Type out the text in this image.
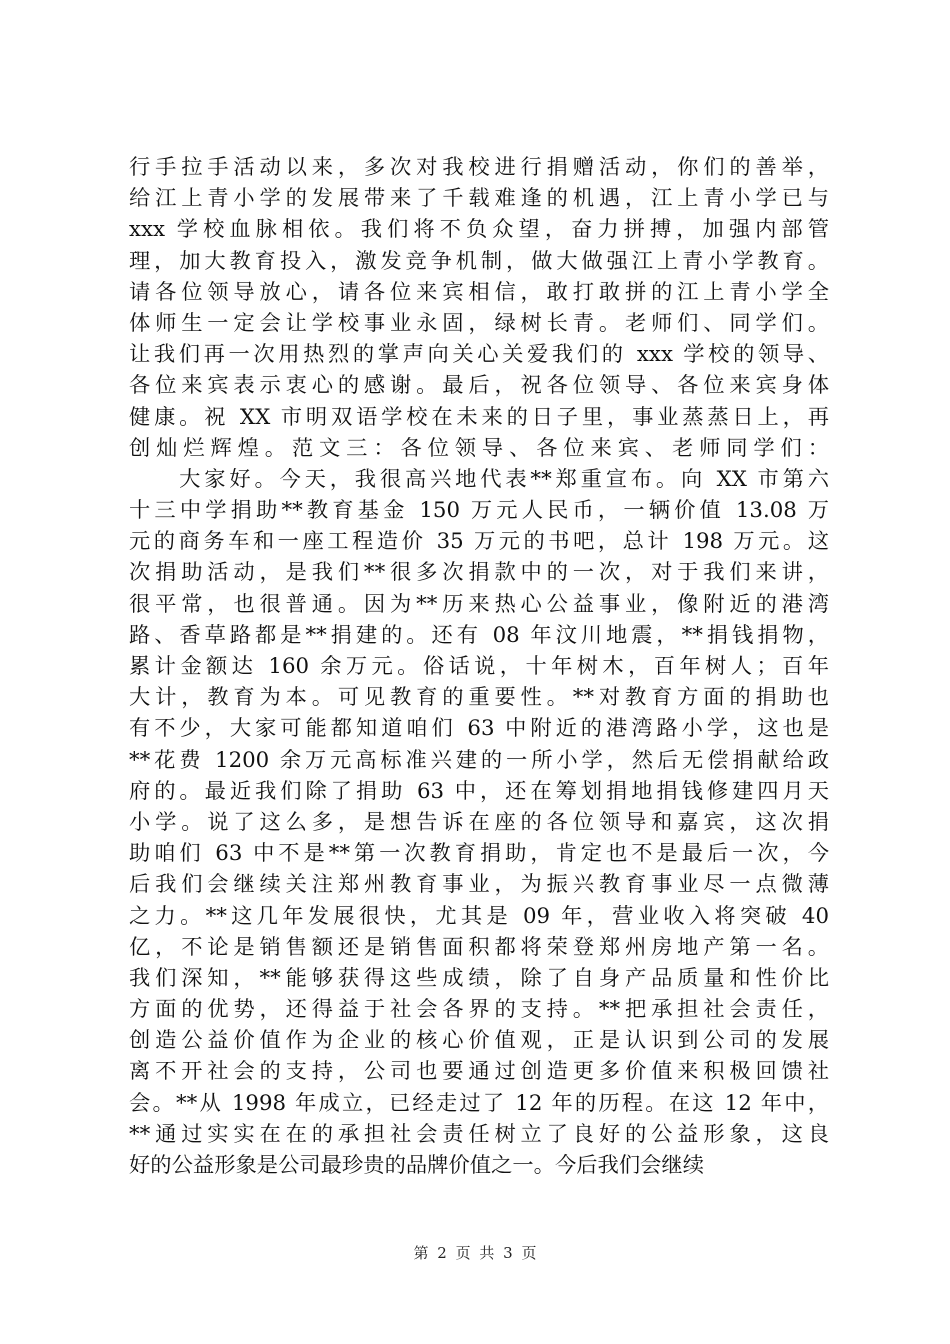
行手拉手活动以来，多次对我校进行捐赠活动，你们的善举，
给江上青小学的发展带来了千载难逢的机遇，江上青小学已与
xxx 学校血脉相依。我们将不负众望，奋力拼搏，加强内部管
理，加大教育投入，激发竞争机制，做大做强江上青小学教育。
请各位领导放心，请各位来宾相信，敢打敢拼的江上青小学全
体师生一定会让学校事业永固，绿树长青。老师们、同学们。
让我们再一次用热烈的掌声向关心关爱我们的 xxx 学校的领导、
各位来宾表示衷心的感谢。最后，祝各位领导、各位来宾身体
健康。祝 XX 市明双语学校在未来的日子里，事业蒸蒸日上，再
创灿烂辉煌。范文三：各位领导、各位来宾、老师同学们：
　　大家好。今天，我很高兴地代表**郑重宣布。向 XX 市第六
十三中学捐助**教育基金 150 万元人民币，一辆价值 13.08 万
元的商务车和一座工程造价 35 万元的书吧，总计 198 万元。这
次捐助活动，是我们**很多次捐款中的一次，对于我们来讲，
很平常，也很普通。因为**历来热心公益事业，像附近的港湾
路、香草路都是**捐建的。还有 08 年汶川地震，**捐钱捐物，
累计金额达 160 余万元。俗话说，十年树木，百年树人；百年
大计，教育为本。可见教育的重要性。**对教育方面的捐助也
有不少，大家可能都知道咱们 63 中附近的港湾路小学，这也是
**花费 1200 余万元高标准兴建的一所小学，然后无偿捐献给政
府的。最近我们除了捐助 63 中，还在筹划捐地捐钱修建四月天
小学。说了这么多，是想告诉在座的各位领导和嘉宾，这次捐
助咱们 63 中不是**第一次教育捐助，肯定也不是最后一次，今
后我们会继续关注郑州教育事业，为振兴教育事业尽一点微薄
之力。**这几年发展很快，尤其是 09 年，营业收入将突破 40
亿，不论是销售额还是销售面积都将荣登郑州房地产第一名。
我们深知，**能够获得这些成绩，除了自身产品质量和性价比
方面的优势，还得益于社会各界的支持。**把承担社会责任，
创造公益价值作为企业的核心价值观，正是认识到公司的发展
离不开社会的支持，公司也要通过创造更多价值来积极回馈社
会。**从 1998 年成立，已经走过了 12 年的历程。在这 12 年中，
**通过实实在在的承担社会责任树立了良好的公益形象，这良
好的公益形象是公司最珍贵的品牌价值之一。今后我们会继续
第 2 页 共 3 页
